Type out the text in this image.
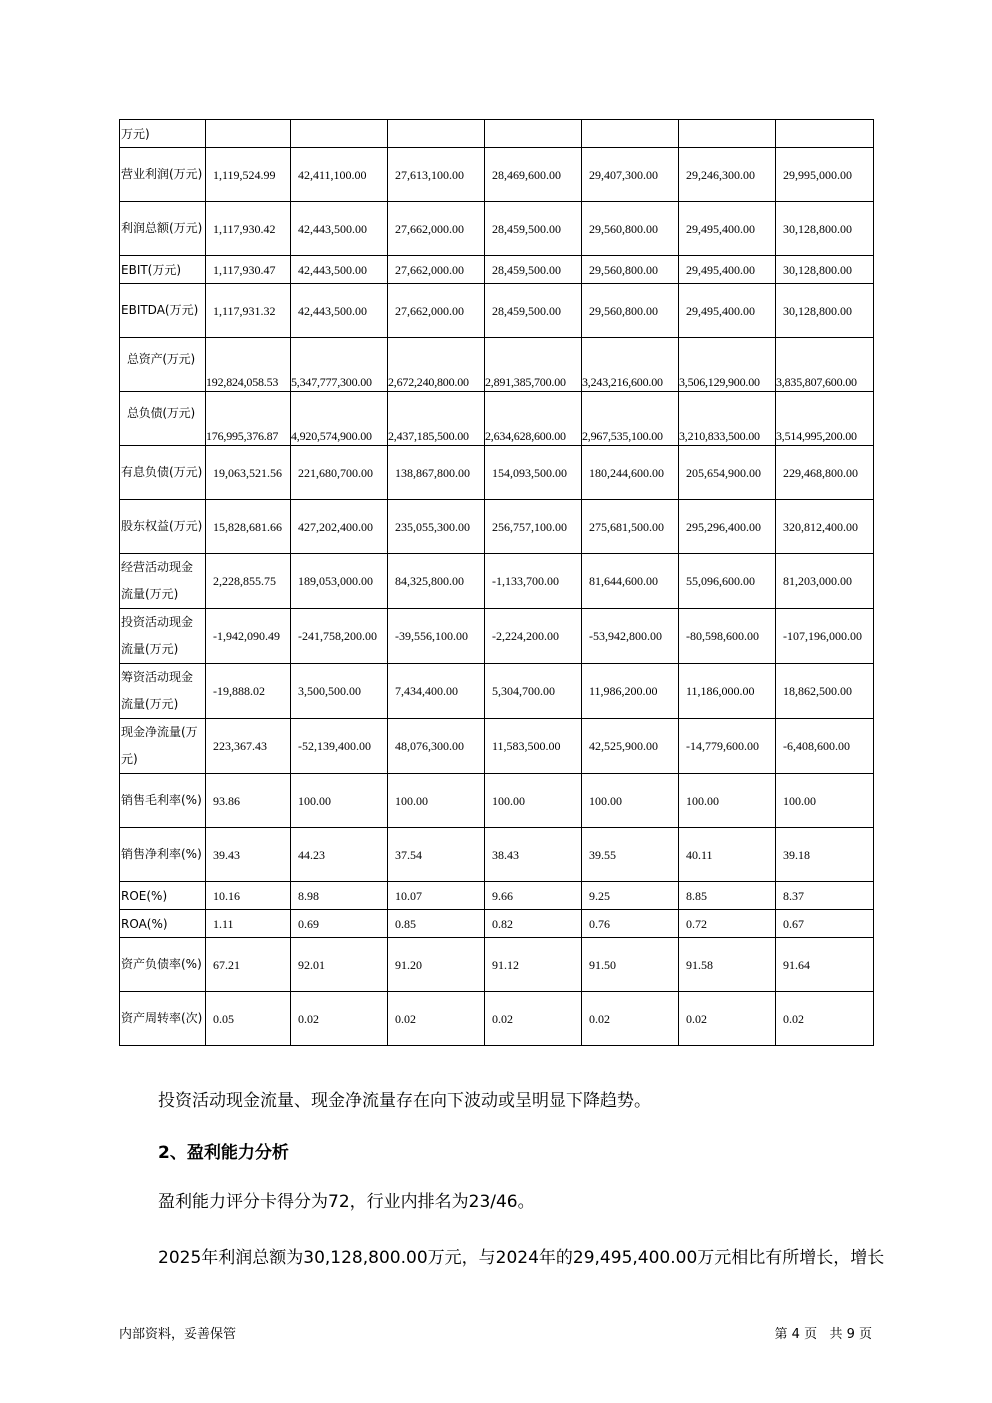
万元)							
营业利润(万元)	1,119,524.99	42,411,100.00	27,613,100.00	28,469,600.00	29,407,300.00	29,246,300.00	29,995,000.00
利润总额(万元)	1,117,930.42	42,443,500.00	27,662,000.00	28,459,500.00	29,560,800.00	29,495,400.00	30,128,800.00
EBIT(万元)	1,117,930.47	42,443,500.00	27,662,000.00	28,459,500.00	29,560,800.00	29,495,400.00	30,128,800.00
EBITDA(万元)	1,117,931.32	42,443,500.00	27,662,000.00	28,459,500.00	29,560,800.00	29,495,400.00	30,128,800.00
总资产(万元)	192,824,058.53	5,347,777,300.00	2,672,240,800.00	2,891,385,700.00	3,243,216,600.00	3,506,129,900.00	3,835,807,600.00
总负债(万元)	176,995,376.87	4,920,574,900.00	2,437,185,500.00	2,634,628,600.00	2,967,535,100.00	3,210,833,500.00	3,514,995,200.00
有息负债(万元)	19,063,521.56	221,680,700.00	138,867,800.00	154,093,500.00	180,244,600.00	205,654,900.00	229,468,800.00
股东权益(万元)	15,828,681.66	427,202,400.00	235,055,300.00	256,757,100.00	275,681,500.00	295,296,400.00	320,812,400.00
经营活动现金流量(万元)	2,228,855.75	189,053,000.00	84,325,800.00	-1,133,700.00	81,644,600.00	55,096,600.00	81,203,000.00
投资活动现金流量(万元)	-1,942,090.49	-241,758,200.00	-39,556,100.00	-2,224,200.00	-53,942,800.00	-80,598,600.00	-107,196,000.00
筹资活动现金流量(万元)	-19,888.02	3,500,500.00	7,434,400.00	5,304,700.00	11,986,200.00	11,186,000.00	18,862,500.00
现金净流量(万元)	223,367.43	-52,139,400.00	48,076,300.00	11,583,500.00	42,525,900.00	-14,779,600.00	-6,408,600.00
销售毛利率(%)	93.86	100.00	100.00	100.00	100.00	100.00	100.00
销售净利率(%)	39.43	44.23	37.54	38.43	39.55	40.11	39.18
ROE(%)	10.16	8.98	10.07	9.66	9.25	8.85	8.37
ROA(%)	1.11	0.69	0.85	0.82	0.76	0.72	0.67
资产负债率(%)	67.21	92.01	91.20	91.12	91.50	91.58	91.64
资产周转率(次)	0.05	0.02	0.02	0.02	0.02	0.02	0.02
投资活动现金流量、现金净流量存在向下波动或呈明显下降趋势。
2、盈利能力分析
盈利能力评分卡得分为72，行业内排名为23/46。
2025年利润总额为30,128,800.00万元，与2024年的29,495,400.00万元相比有所增长，增长
内部资料，妥善保管	第 4 页   共 9 页
